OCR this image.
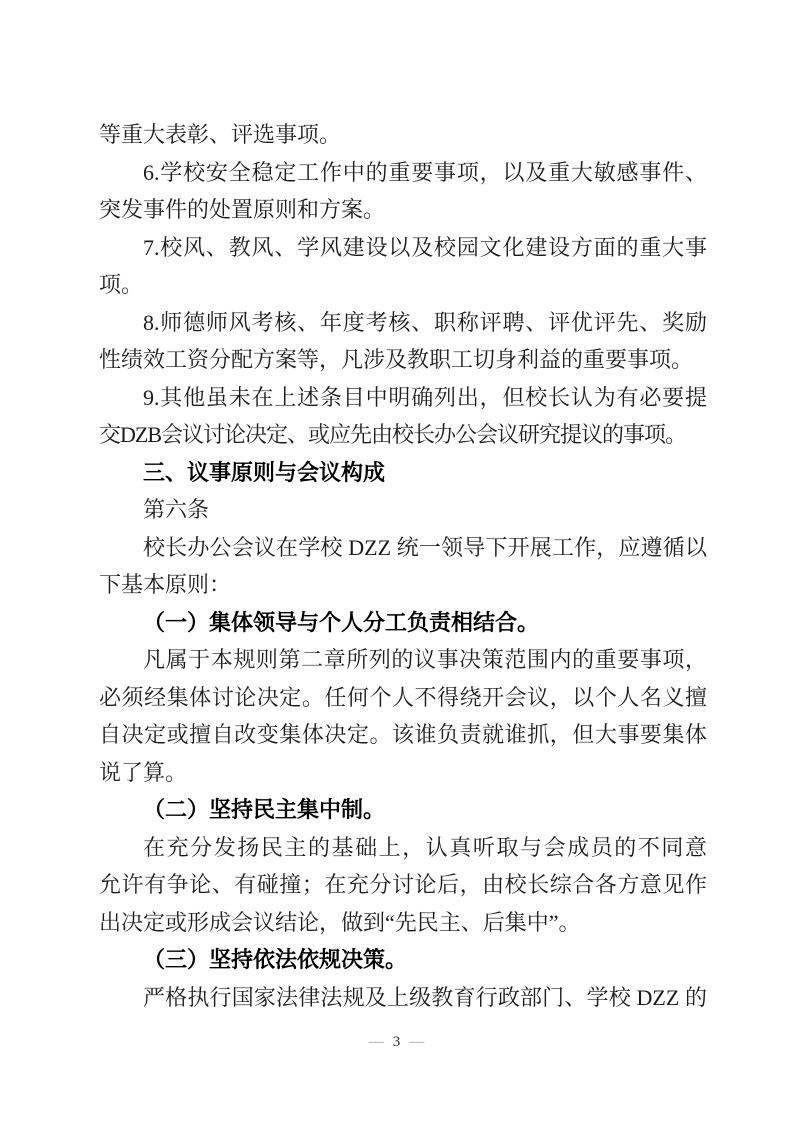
等重大表彰、评选事项。
6.学校安全稳定工作中的重要事项，以及重大敏感事件、
突发事件的处置原则和方案。
7.校风、教风、学风建设以及校园文化建设方面的重大事
项。
8.师德师风考核、年度考核、职称评聘、评优评先、奖励
性绩效工资分配方案等，凡涉及教职工切身利益的重要事项。
9.其他虽未在上述条目中明确列出，但校长认为有必要提
交DZB会议讨论决定、或应先由校长办公会议研究提议的事项。
三、议事原则与会议构成
第六条
校长办公会议在学校 DZZ 统一领导下开展工作，应遵循以
下基本原则：
（一）集体领导与个人分工负责相结合。
凡属于本规则第二章所列的议事决策范围内的重要事项，
必须经集体讨论决定。任何个人不得绕开会议，以个人名义擅
自决定或擅自改变集体决定。该谁负责就谁抓，但大事要集体
说了算。
（二）坚持民主集中制。
在充分发扬民主的基础上，认真听取与会成员的不同意
允许有争论、有碰撞；在充分讨论后，由校长综合各方意见作
出决定或形成会议结论，做到“先民主、后集中”。
（三）坚持依法依规决策。
严格执行国家法律法规及上级教育行政部门、学校 DZZ 的
— 3 —
